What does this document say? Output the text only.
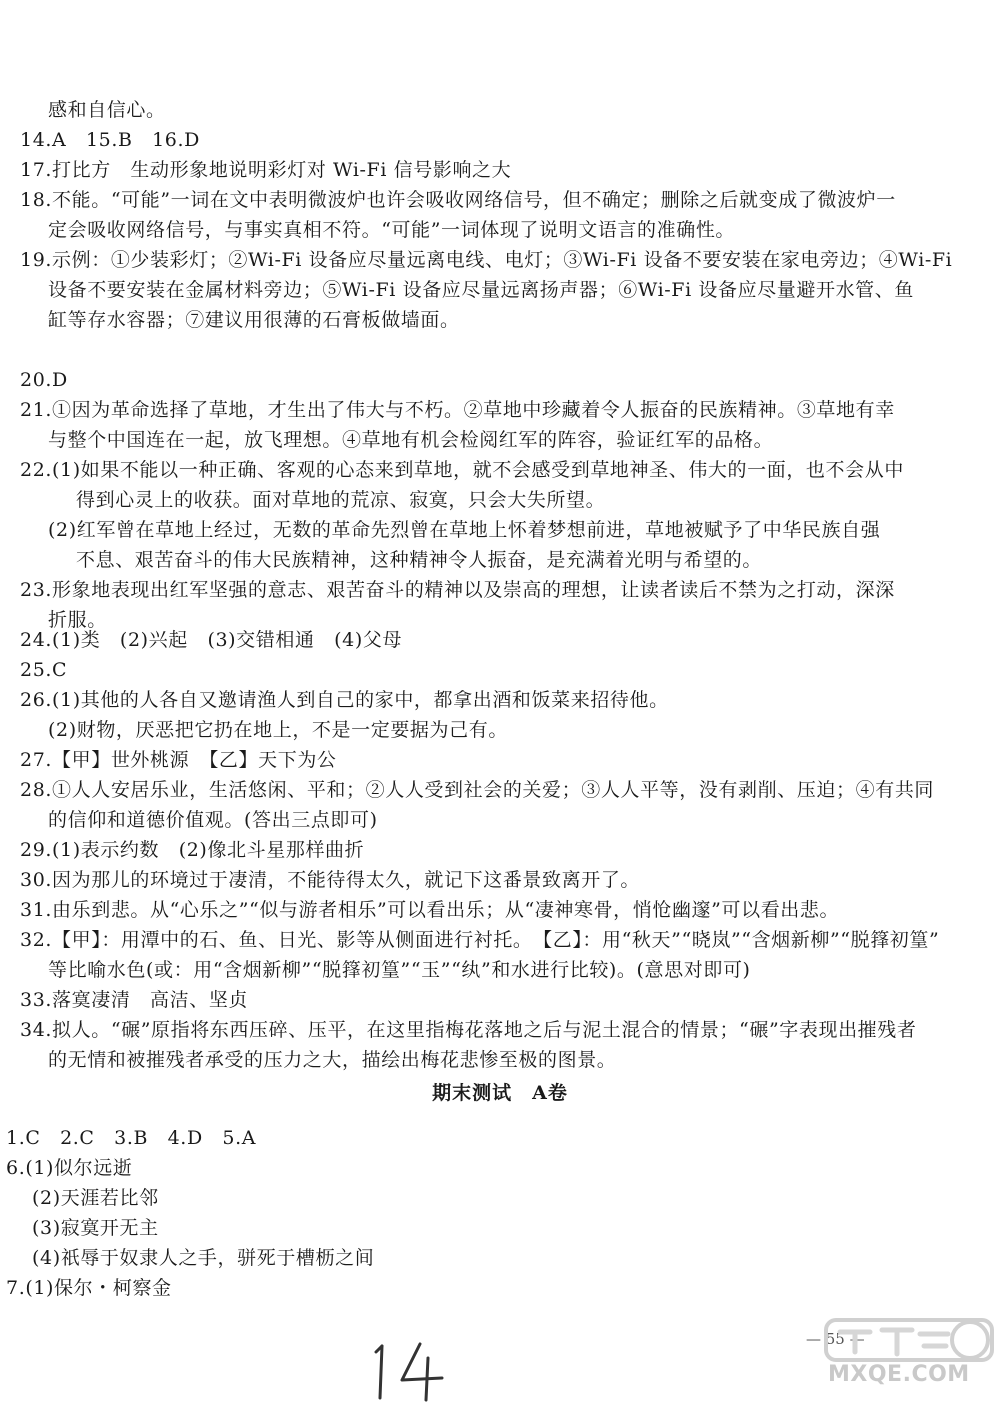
感和自信心。
14.A　15.B　16.D
17.打比方　生动形象地说明彩灯对 Wi-Fi 信号影响之大
18.不能。“可能”一词在文中表明微波炉也许会吸收网络信号，但不确定；删除之后就变成了微波炉一
定会吸收网络信号，与事实真相不符。“可能”一词体现了说明文语言的准确性。
19.示例：①少装彩灯；②Wi-Fi 设备应尽量远离电线、电灯；③Wi-Fi 设备不要安装在家电旁边；④Wi-Fi
设备不要安装在金属材料旁边；⑤Wi-Fi 设备应尽量远离扬声器；⑥Wi-Fi 设备应尽量避开水管、鱼
缸等存水容器；⑦建议用很薄的石膏板做墙面。
20.D
21.①因为革命选择了草地，才生出了伟大与不朽。②草地中珍藏着令人振奋的民族精神。③草地有幸
与整个中国连在一起，放飞理想。④草地有机会检阅红军的阵容，验证红军的品格。
22.(1)如果不能以一种正确、客观的心态来到草地，就不会感受到草地神圣、伟大的一面，也不会从中
得到心灵上的收获。面对草地的荒凉、寂寞，只会大失所望。
(2)红军曾在草地上经过，无数的革命先烈曾在草地上怀着梦想前进，草地被赋予了中华民族自强
不息、艰苦奋斗的伟大民族精神，这种精神令人振奋，是充满着光明与希望的。
23.形象地表现出红军坚强的意志、艰苦奋斗的精神以及崇高的理想，让读者读后不禁为之打动，深深
折服。
24.(1)类　(2)兴起　(3)交错相通　(4)父母
25.C
26.(1)其他的人各自又邀请渔人到自己的家中，都拿出酒和饭菜来招待他。
(2)财物，厌恶把它扔在地上，不是一定要据为己有。
27.【甲】世外桃源　【乙】天下为公
28.①人人安居乐业，生活悠闲、平和；②人人受到社会的关爱；③人人平等，没有剥削、压迫；④有共同
的信仰和道德价值观。(答出三点即可)
29.(1)表示约数　(2)像北斗星那样曲折
30.因为那儿的环境过于凄清，不能待得太久，就记下这番景致离开了。
31.由乐到悲。从“心乐之”“似与游者相乐”可以看出乐；从“凄神寒骨，悄怆幽邃”可以看出悲。
32.【甲】：用潭中的石、鱼、日光、影等从侧面进行衬托。　【乙】：用“秋天”“晓岚”“含烟新柳”“脱箨初篁”
等比喻水色(或：用“含烟新柳”“脱箨初篁”“玉”“纨”和水进行比较)。(意思对即可)
33.落寞凄清　高洁、坚贞
34.拟人。“碾”原指将东西压碎、压平，在这里指梅花落地之后与泥土混合的情景；“碾”字表现出摧残者
的无情和被摧残者承受的压力之大，描绘出梅花悲惨至极的图景。
期末测试　A卷
1.C　2.C　3.B　4.D　5.A
6.(1)似尔远逝
(2)天涯若比邻
(3)寂寞开无主
(4)祇辱于奴隶人之手，骈死于槽枥之间
7.(1)保尔・柯察金
— 55 —
MXQE.COM
